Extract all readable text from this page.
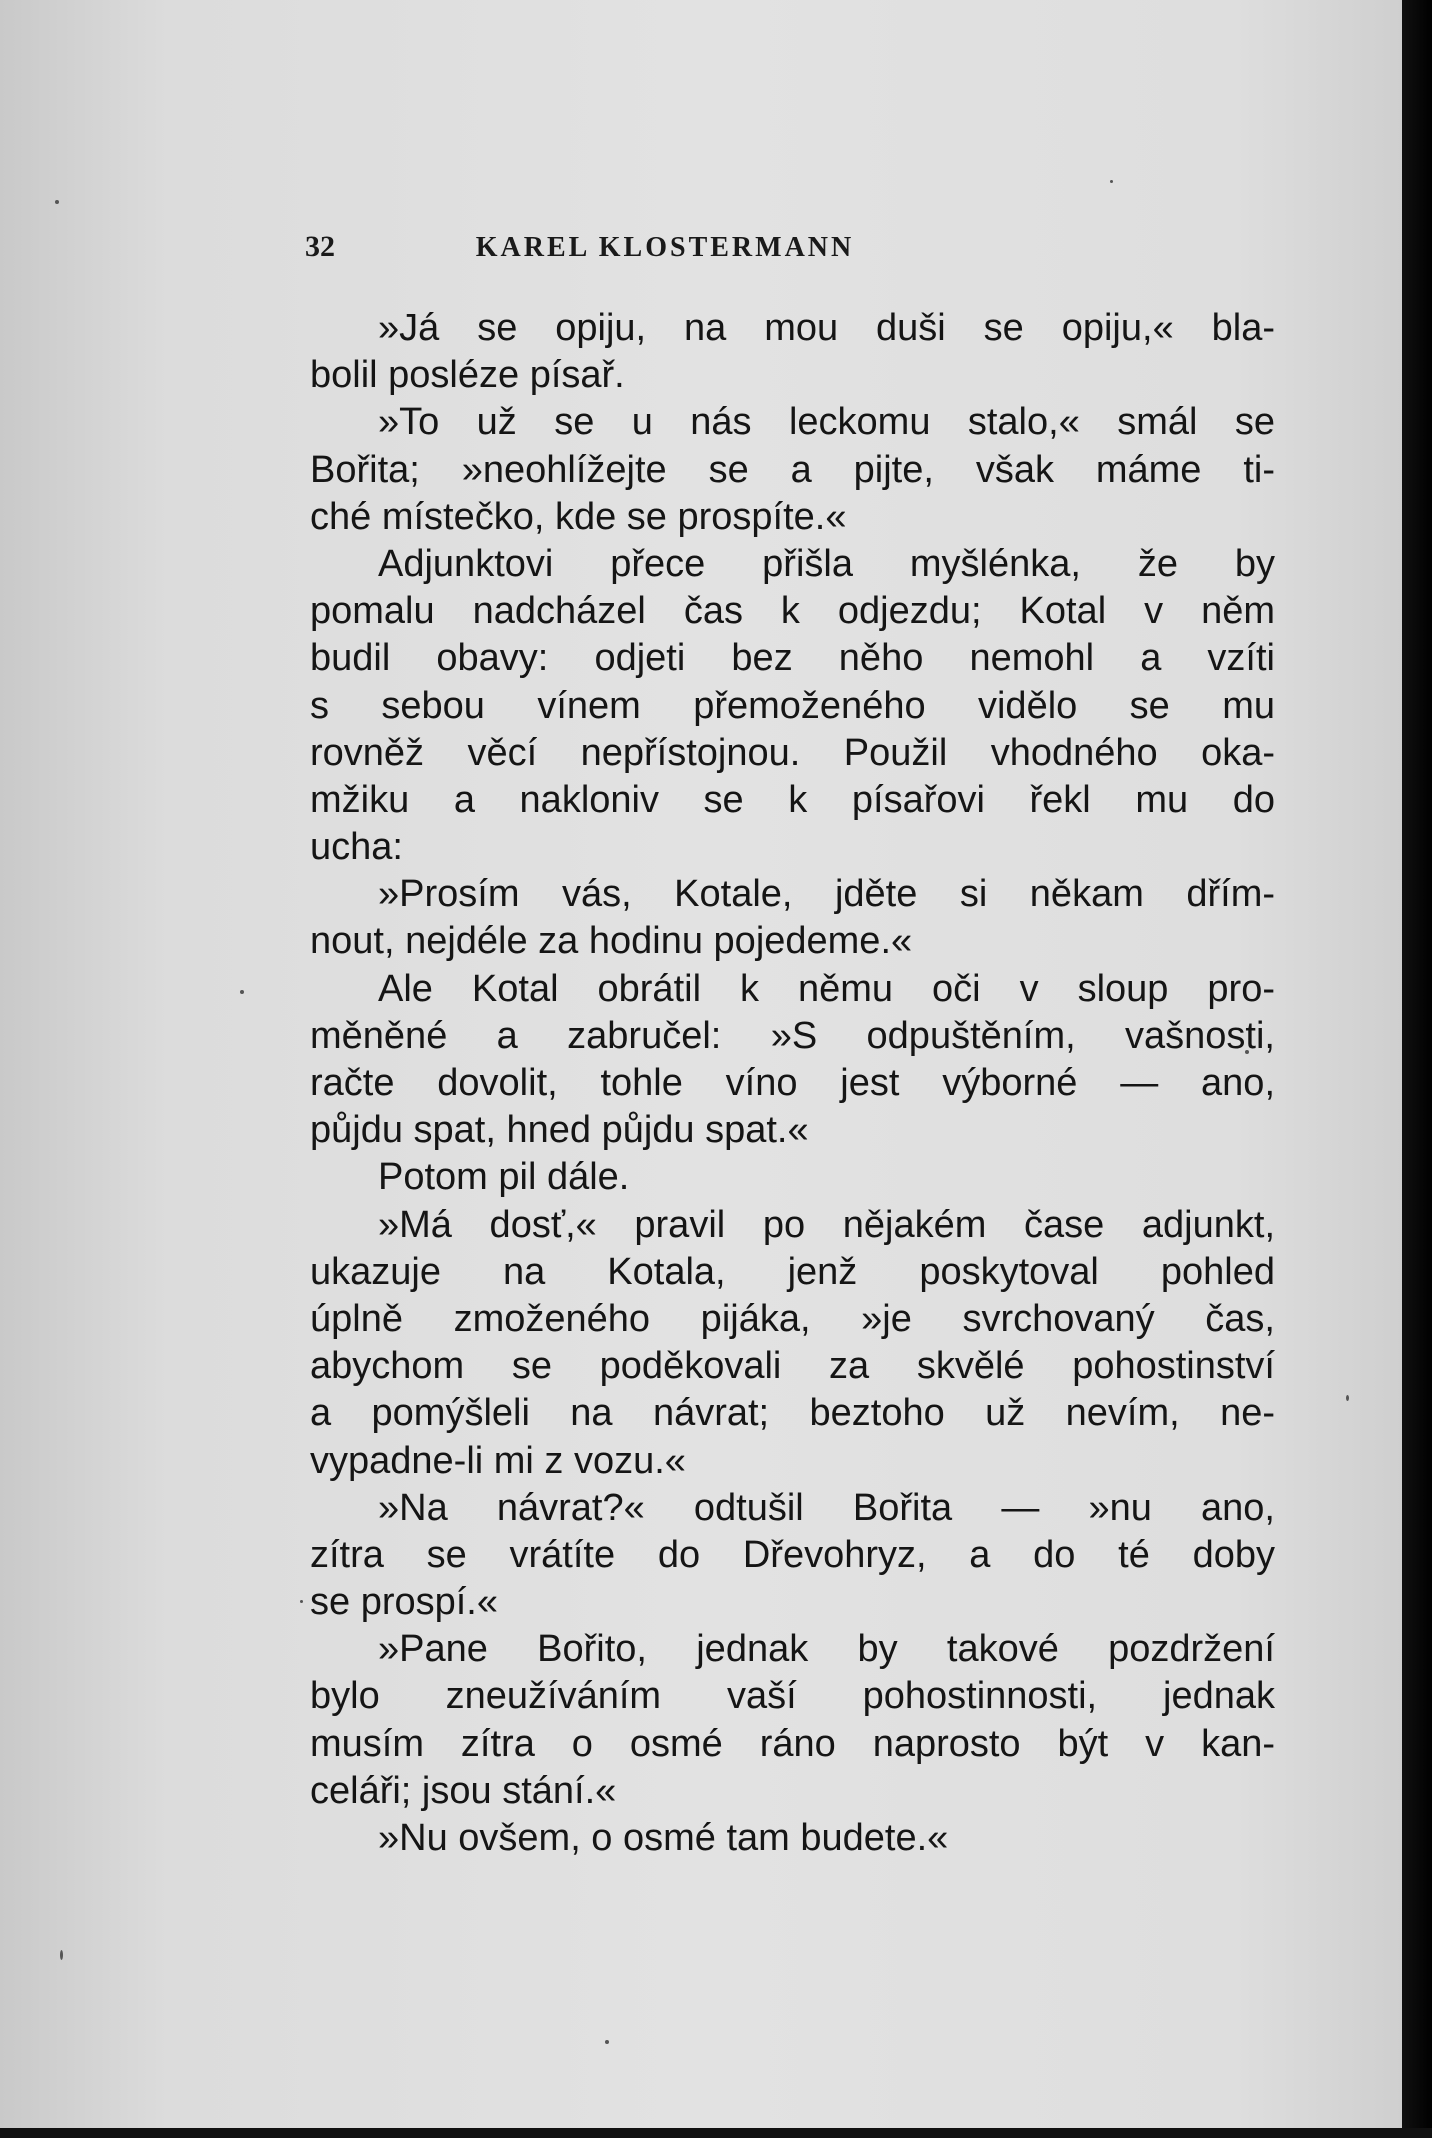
32	KAREL KLOSTERMANN
»Já se opiju, na mou duši se opiju,« bla-
bolil posléze písař.
»To už se u nás leckomu stalo,« smál se
Bořita; »neohlížejte se a pijte, však máme ti-
ché místečko, kde se prospíte.«
Adjunktovi přece přišla myšlénka, že by
pomalu nadcházel čas k odjezdu; Kotal v něm
budil obavy: odjeti bez něho nemohl a vzíti
s sebou vínem přemoženého vidělo se mu
rovněž věcí nepřístojnou. Použil vhodného oka-
mžiku a nakloniv se k písařovi řekl mu do
ucha:
»Prosím vás, Kotale, jděte si někam dřím-
nout, nejdéle za hodinu pojedeme.«
Ale Kotal obrátil k němu oči v sloup pro-
měněné a zabručel: »S odpuštěním, vašnosti,
račte dovolit, tohle víno jest výborné — ano,
půjdu spat, hned půjdu spat.«
Potom pil dále.
»Má dosť,« pravil po nějakém čase adjunkt,
ukazuje na Kotala, jenž poskytoval pohled
úplně zmoženého pijáka, »je svrchovaný čas,
abychom se poděkovali za skvělé pohostinství
a pomýšleli na návrat; beztoho už nevím, ne-
vypadne-li mi z vozu.«
»Na návrat?« odtušil Bořita — »nu ano,
zítra se vrátíte do Dřevohryz, a do té doby
se prospí.«
»Pane Bořito, jednak by takové pozdržení
bylo zneužíváním vaší pohostinnosti, jednak
musím zítra o osmé ráno naprosto být v kan-
celáři; jsou stání.«
»Nu ovšem, o osmé tam budete.«
